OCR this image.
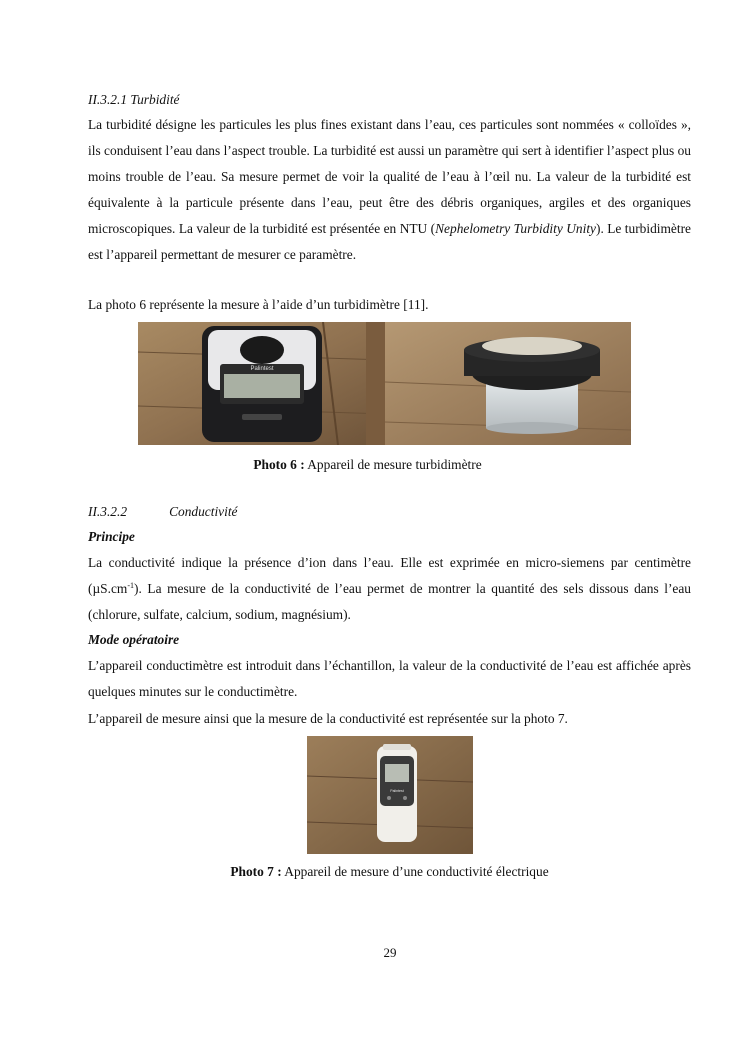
II.3.2.1 Turbidité
La turbidité désigne les particules les plus fines existant dans l’eau, ces particules sont nommées « colloïdes », ils conduisent l’eau dans l’aspect trouble. La turbidité est aussi un paramètre qui sert à identifier l’aspect plus ou moins trouble de l’eau. Sa mesure permet de voir la qualité de l’eau à l’œil nu. La valeur de la turbidité est équivalente à la particule présente dans l’eau, peut être des débris organiques, argiles et des organiques microscopiques. La valeur de la turbidité est présentée en NTU (Nephelometry Turbidity Unity). Le turbidimètre est l’appareil permettant de mesurer ce paramètre.
La photo 6 représente la mesure à l’aide d’un turbidimètre [11].
Palintest
Photo 6 : Appareil de mesure turbidimètre
II.3.2.2	Conductivité
Principe
La conductivité indique la présence d’ion dans l’eau. Elle est exprimée en micro-siemens par centimètre $(\mu S.cm^{-1})$. La mesure de la conductivité de l’eau permet de montrer la quantité des sels dissous dans l’eau (chlorure, sulfate, calcium, sodium, magnésium).
Mode opératoire
L’appareil conductimètre est introduit dans l’échantillon, la valeur de la conductivité de l’eau est affichée après quelques minutes sur le conductimètre.
L’appareil de mesure ainsi que la mesure de la conductivité est représentée sur la photo 7.
Palintest
Photo 7 : Appareil de mesure d’une conductivité électrique
29
